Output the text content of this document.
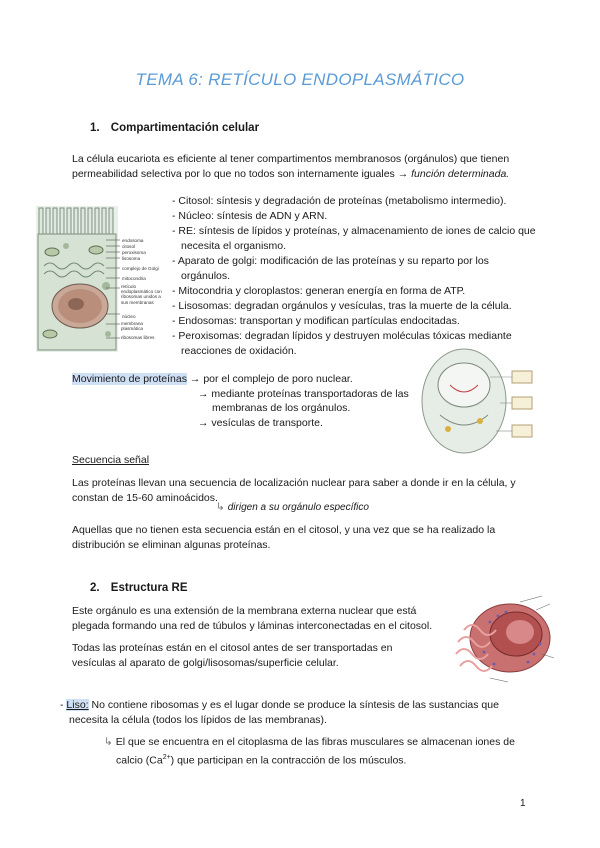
TEMA 6: RETÍCULO ENDOPLASMÁTICO
1. Compartimentación celular
La célula eucariota es eficiente al tener compartimentos membranosos (orgánulos) que tienen
permeabilidad selectiva por lo que no todos son internamente iguales → función determinada.
endosoma
citosol
peroxisoma
lisosoma
complejo de Golgi
mitocondria
retículo endoplasmático con ribosomas unidos a sus membranas
núcleo
membrana plasmática
ribosomas libres
- Citosol: síntesis y degradación de proteínas (metabolismo intermedio).
- Núcleo: síntesis de ADN y ARN.
- RE: síntesis de lípidos y proteínas, y almacenamiento de iones de calcio que necesita el organismo.
- Aparato de golgi: modificación de las proteínas y su reparto por los orgánulos.
- Mitocondria y cloroplastos: generan energía en forma de ATP.
- Lisosomas: degradan orgánulos y vesículas, tras la muerte de la célula.
- Endosomas: transportan y modifican partículas endocitadas.
- Peroxisomas: degradan lípidos y destruyen moléculas tóxicas mediante reacciones de oxidación.
Movimiento de proteínas → por el complejo de poro nuclear.
→ mediante proteínas transportadoras de las
membranas de los orgánulos.
→ vesículas de transporte.
Secuencia señal
Las proteínas llevan una secuencia de localización nuclear para saber a donde ir en la célula, y
constan de 15-60 aminoácidos.
↳ dirigen a su orgánulo específico
Aquellas que no tienen esta secuencia están en el citosol, y una vez que se ha realizado la
distribución se eliminan algunas proteínas.
2. Estructura RE
Este orgánulo es una extensión de la membrana externa nuclear que está
plegada formando una red de túbulos y láminas interconectadas en el citosol.
Todas las proteínas están en el citosol antes de ser transportadas en
vesículas al aparato de golgi/lisosomas/superficie celular.
- Liso: No contiene ribosomas y es el lugar donde se produce la síntesis de las sustancias que
necesita la célula (todos los lípidos de las membranas).
↳ El que se encuentra en el citoplasma de las fibras musculares se almacenan iones de
calcio $(Ca^{2+})$ que participan en la contracción de los músculos.
1
